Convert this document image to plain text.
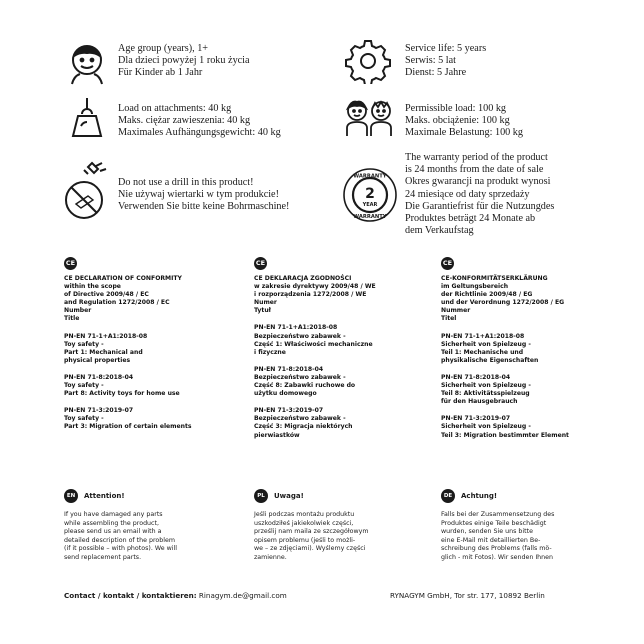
Age group (years), 1+
Dla dzieci powyżej 1 roku życia
Für Kinder ab 1 Jahr
Service life: 5 years
Serwis: 5 lat
Dienst: 5 Jahre
Load on attachments: 40 kg
Maks. ciężar zawieszenia: 40 kg
Maximales Aufhängungsgewicht: 40 kg
Permissible load: 100 kg
Maks. obciążenie: 100 kg
Maximale Belastung: 100 kg
Do not use a drill in this product!
Nie używaj wiertarki w tym produkcie!
Verwenden Sie bitte keine Bohrmaschine!
WARRANTY
2
YEAR
WARRANTY
The warranty period of the product
is 24 months from the date of sale
Okres gwarancji na produkt wynosi
24 miesiące od daty sprzedaży
Die Garantiefrist für die Nutzungdes
Produktes beträgt 24 Monate ab
dem Verkaufstag
CE
CE DECLARATION OF CONFORMITY
within the scope
of Directive 2009/48 / EC
and Regulation 1272/2008 / EC
Number
Title
PN-EN 71-1+A1:2018-08
Toy safety -
Part 1: Mechanical and
physical properties
PN-EN 71-8:2018-04
Toy safety -
Part 8: Activity toys for home use
PN-EN 71-3:2019-07
Toy safety -
Part 3: Migration of certain elements
CE
CE DEKLARACJA ZGODNOŚCI
w zakresie dyrektywy 2009/48 / WE
i rozporządzenia 1272/2008 / WE
Numer
Tytuł
PN-EN 71-1+A1:2018-08
Bezpieczeństwo zabawek -
Część 1: Właściwości mechaniczne
i fizyczne
PN-EN 71-8:2018-04
Bezpieczeństwo zabawek -
Część 8: Zabawki ruchowe do
użytku domowego
PN-EN 71-3:2019-07
Bezpieczeństwo zabawek -
Część 3: Migracja niektórych
pierwiastków
CE
CE-KONFORMITÄTSERKLÄRUNG
im Geltungsbereich
der Richtlinie 2009/48 / EG
und der Verordnung 1272/2008 / EG
Nummer
Titel
PN-EN 71-1+A1:2018-08
Sicherheit von Spielzeug -
Teil 1: Mechanische und
physikalische Eigenschaften
PN-EN 71-8:2018-04
Sicherheit von Spielzeug -
Teil 8: Aktivitätsspielzeug
für den Hausgebrauch
PN-EN 71-3:2019-07
Sicherheit von Spielzeug -
Teil 3: Migration bestimmter Element
EN	Attention!
If you have damaged any parts
while assembling the product,
please send us an email with a
detailed description of the problem
(if it possible – with photos). We will
send replacement parts.
PL	Uwaga!
Jeśli podczas montażu produktu
uszkodziłeś jakiekolwiek części,
prześlij nam maila ze szczegółowym
opisem problemu (jeśli to możli-
we – ze zdjęciami). Wyślemy części
zamienne.
DE	Achtung!
Falls bei der Zusammensetzung des
Produktes einige Teile beschädigt
wurden, senden Sie uns bitte
eine E-Mail mit detaillierten Be-
schreibung des Problems (falls mö-
glich - mit Fotos). Wir senden Ihnen
Contact / kontakt / kontaktieren: Rinagym.de@gmail.com	RYNAGYM GmbH, Tor str. 177, 10892 Berlin
